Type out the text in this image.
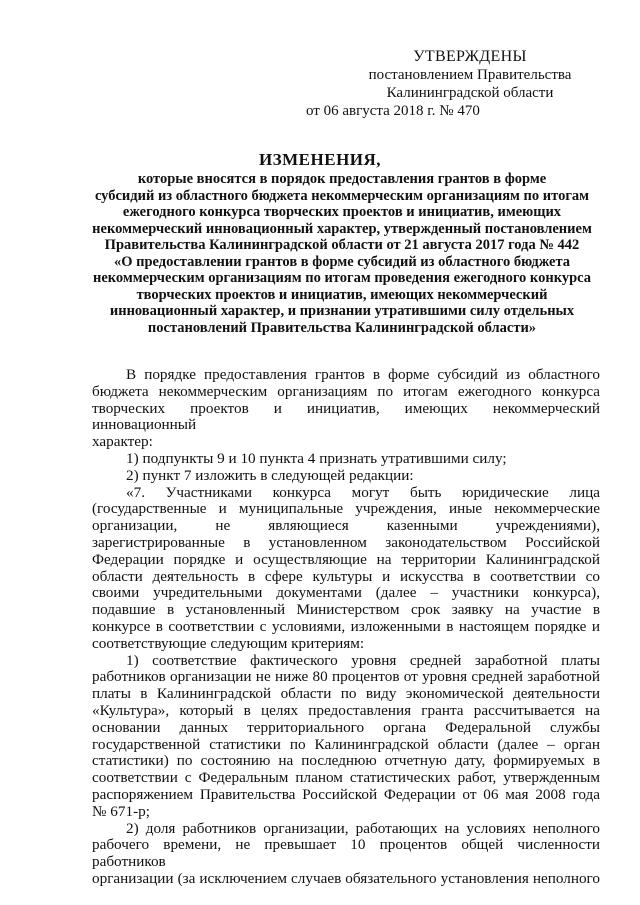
УТВЕРЖДЕНЫ
постановлением Правительства
Калининградской области
от 06 августа 2018 г. № 470
ИЗМЕНЕНИЯ,
которые вносятся в порядок предоставления грантов в форме
субсидий из областного бюджета некоммерческим организациям по итогам
ежегодного конкурса творческих проектов и инициатив, имеющих
некоммерческий инновационный характер, утвержденный постановлением
Правительства Калининградской области от 21 августа 2017 года № 442
«О предоставлении грантов в форме субсидий из областного бюджета
некоммерческим организациям по итогам проведения ежегодного конкурса
творческих проектов и инициатив, имеющих некоммерческий
инновационный характер, и признании утратившими силу отдельных
постановлений Правительства Калининградской области»

В порядке предоставления грантов в форме субсидий из областного

бюджета некоммерческим организациям по итогам ежегодного конкурса

творческих проектов и инициатив, имеющих некоммерческий инновационный

характер:

1) подпункты 9 и 10 пункта 4 признать утратившими силу;

2) пункт 7 изложить в следующей редакции:

«7. Участниками конкурса могут быть юридические лица

(государственные и муниципальные учреждения, иные некоммерческие

организации, не являющиеся казенными учреждениями),

зарегистрированные в установленном законодательством Российской

Федерации порядке и осуществляющие на территории Калининградской

области деятельность в сфере культуры и искусства в соответствии со

своими учредительными документами (далее – участники конкурса),

подавшие в установленный Министерством срок заявку на участие в

конкурсе в соответствии с условиями, изложенными в настоящем порядке и

соответствующие следующим критериям:

1) соответствие фактического уровня средней заработной платы

работников организации не ниже 80 процентов от уровня средней заработной

платы в Калининградской области по виду экономической деятельности

«Культура», который в целях предоставления гранта рассчитывается на

основании данных территориального органа Федеральной службы

государственной статистики по Калининградской области (далее – орган

статистики) по состоянию на последнюю отчетную дату, формируемых в

соответствии с Федеральным планом статистических работ, утвержденным

распоряжением Правительства Российской Федерации от 06 мая 2008 года

№ 671-р;

2) доля работников организации, работающих на условиях неполного

рабочего времени, не превышает 10 процентов общей численности работников

организации (за исключением случаев обязательного установления неполного
